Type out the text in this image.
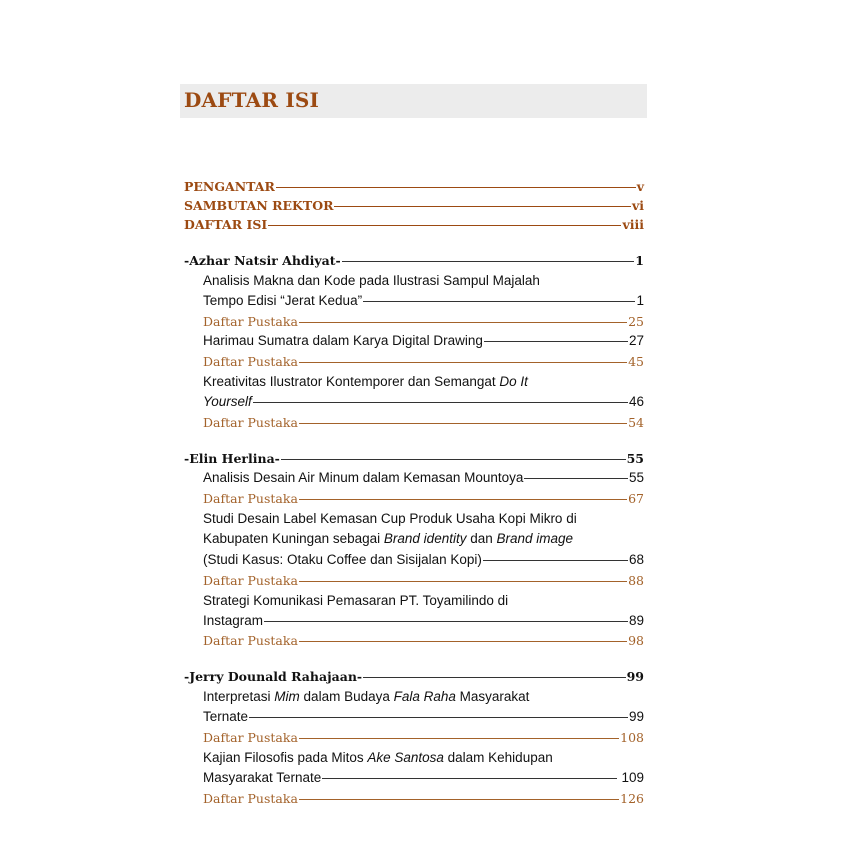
DAFTAR ISI
PENGANTAR	v
SAMBUTAN REKTOR	vi
DAFTAR ISI	viii
-Azhar Natsir Ahdiyat-	1
Analisis Makna dan Kode pada Ilustrasi Sampul Majalah
Tempo Edisi “Jerat Kedua”	1
Daftar Pustaka	25
Harimau Sumatra dalam Karya Digital Drawing	27
Daftar Pustaka	45
Kreativitas Ilustrator Kontemporer dan Semangat Do It
Yourself	46
Daftar Pustaka	54
-Elin Herlina-	55
Analisis Desain Air Minum dalam Kemasan Mountoya	55
Daftar Pustaka	67
Studi Desain Label Kemasan Cup Produk Usaha Kopi Mikro di
Kabupaten Kuningan sebagai Brand identity dan Brand image
(Studi Kasus: Otaku Coffee dan Sisijalan Kopi)	68
Daftar Pustaka	88
Strategi Komunikasi Pemasaran PT. Toyamilindo di
Instagram	89
Daftar Pustaka	98
-Jerry Dounald Rahajaan-	99
Interpretasi Mim dalam Budaya Fala Raha Masyarakat
Ternate	99
Daftar Pustaka	108
Kajian Filosofis pada Mitos Ake Santosa dalam Kehidupan
Masyarakat Ternate	109
Daftar Pustaka	126
